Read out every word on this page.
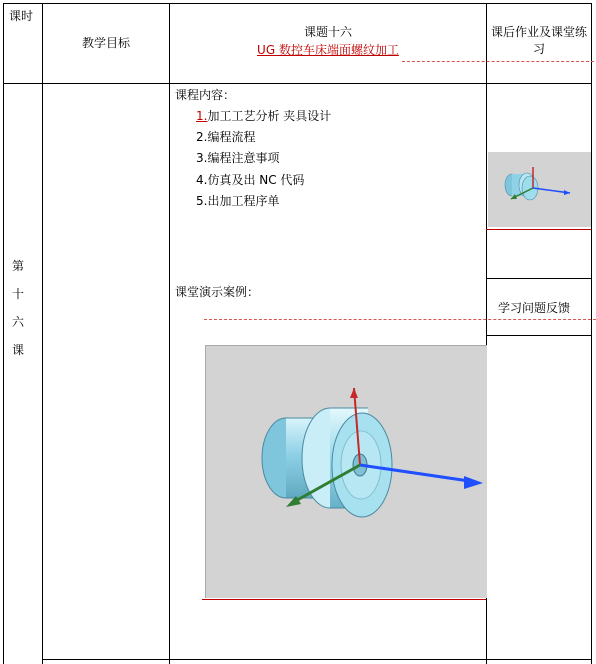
课时
教学目标
课题十六
UG 数控车床端面螺纹加工
课后作业及课堂练习
第十六课
课程内容：
1.加工工艺分析 夹具设计
2.编程流程
3.编程注意事项
4.仿真及出 NC 代码
5.出加工程序单
课堂演示案例：
学习问题反馈
